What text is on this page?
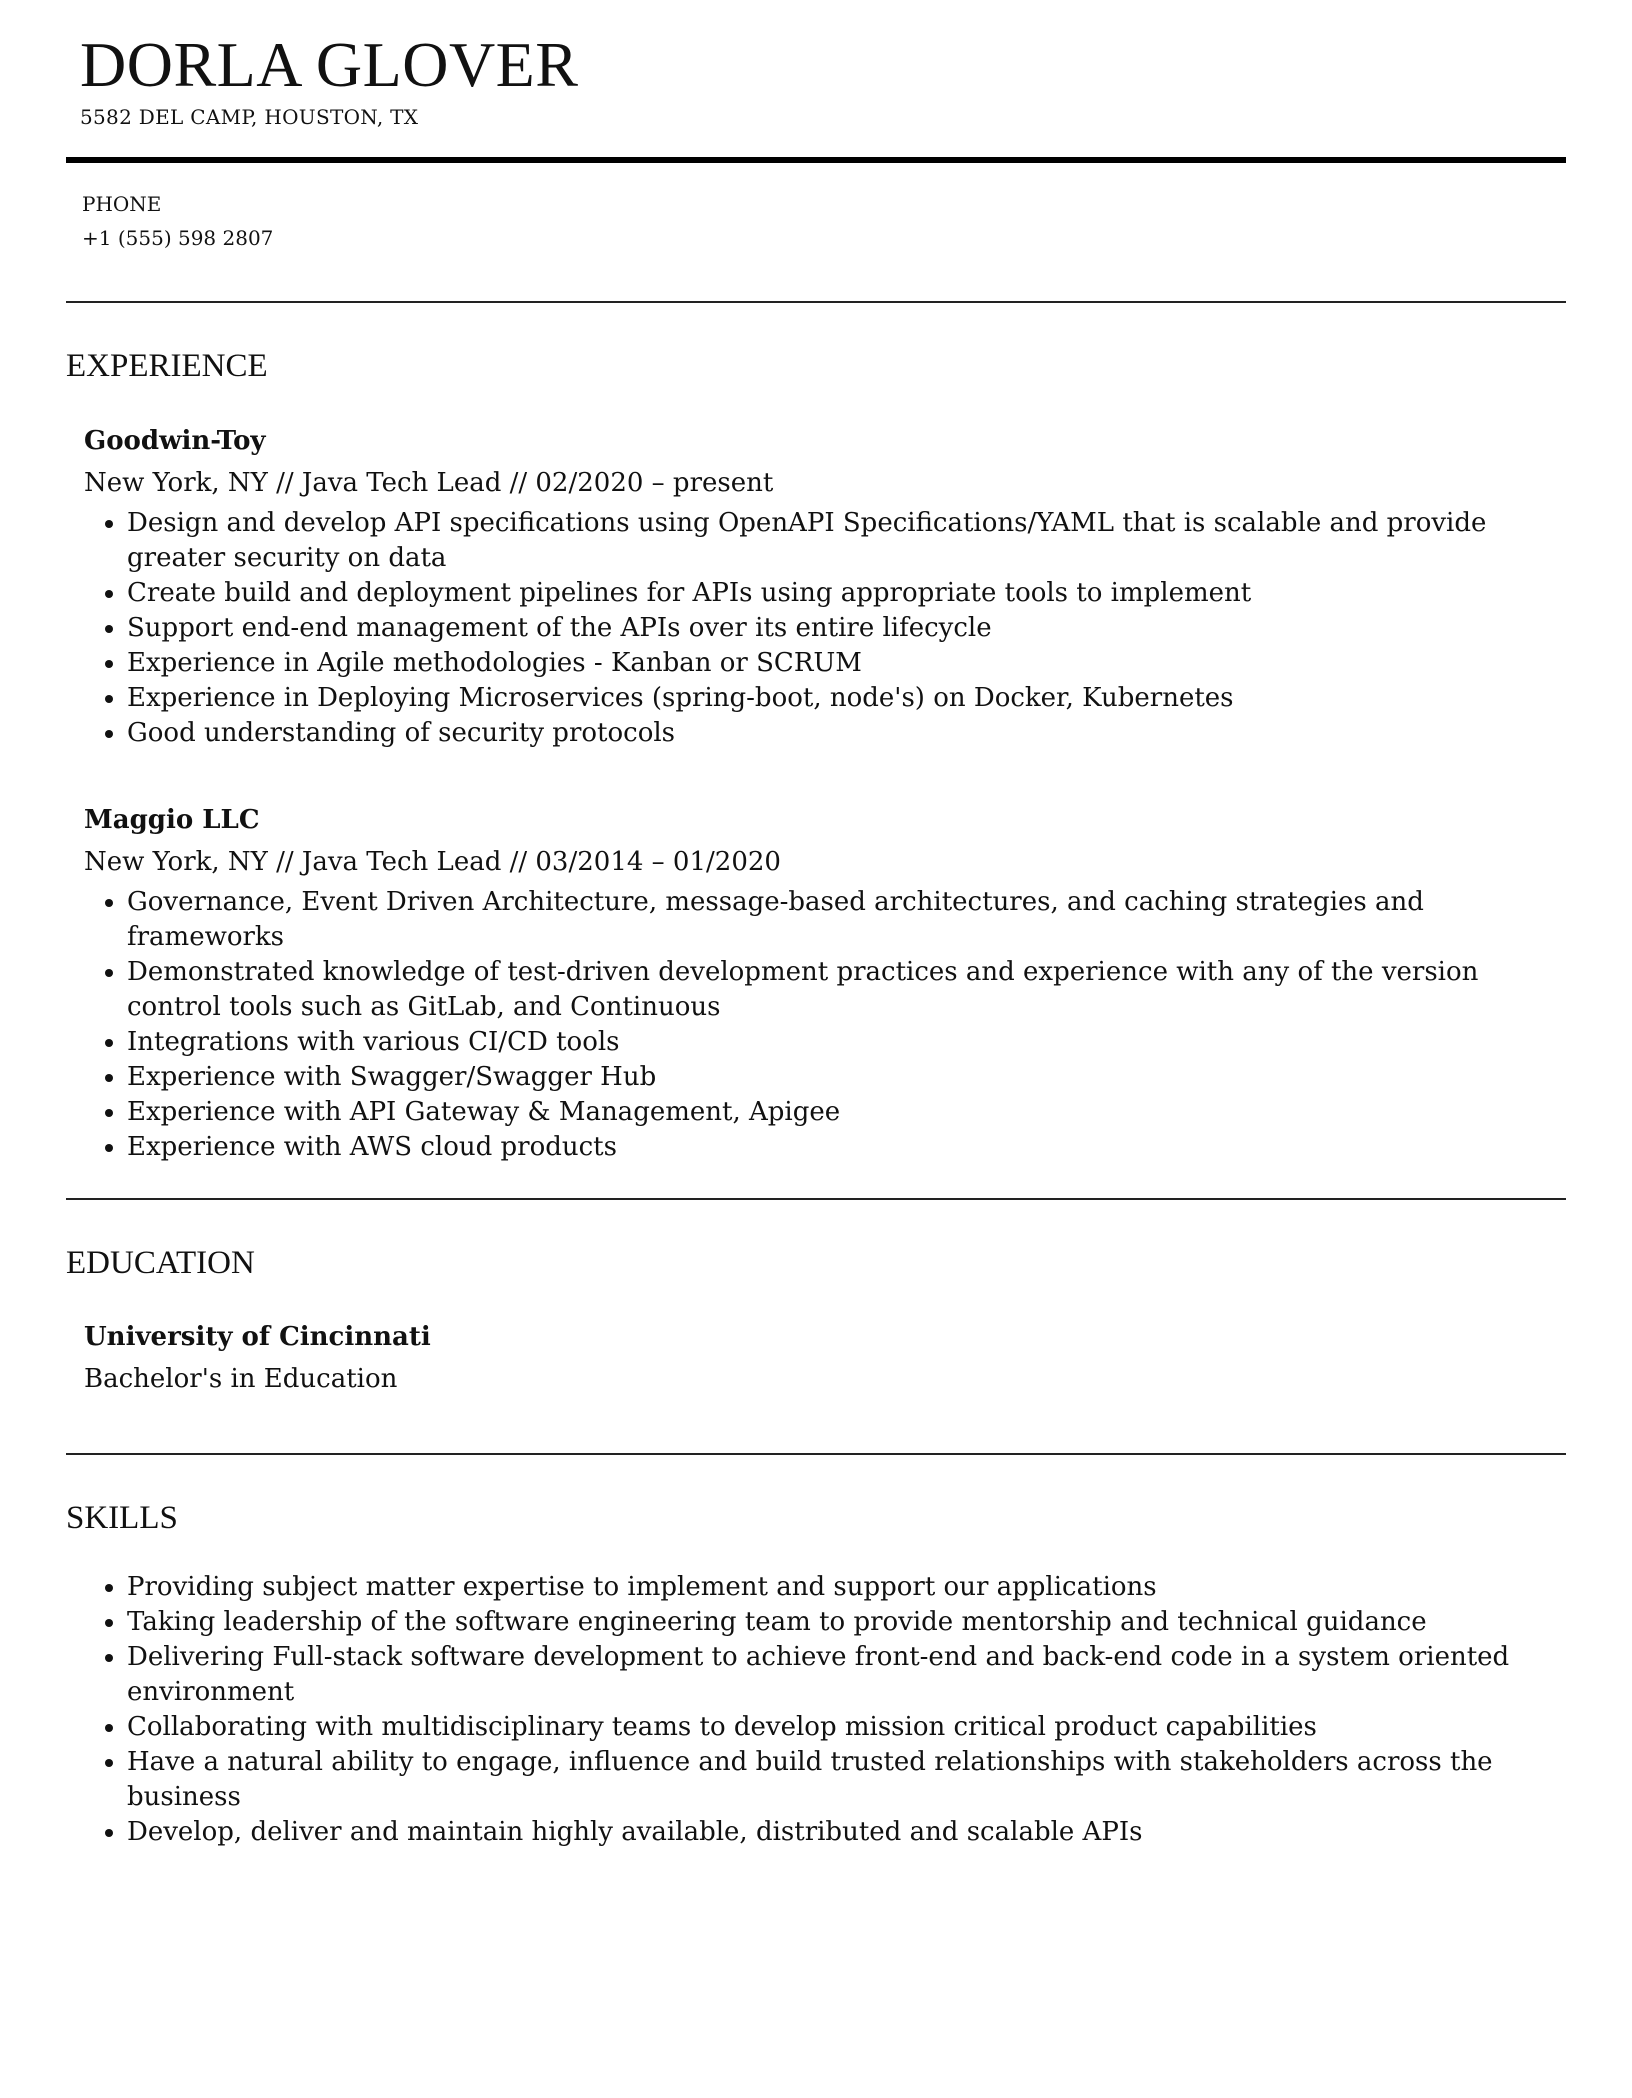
DORLA GLOVER
5582 DEL CAMP, HOUSTON, TX
PHONE
+1 (555) 598 2807
EXPERIENCE
Goodwin-Toy
New York, NY // Java Tech Lead // 02/2020 – present
• Design and develop API specifications using OpenAPI Specifications/YAML that is scalable and provide greater security on data
• Create build and deployment pipelines for APIs using appropriate tools to implement
• Support end-end management of the APIs over its entire lifecycle
• Experience in Agile methodologies - Kanban or SCRUM
• Experience in Deploying Microservices (spring-boot, node's) on Docker, Kubernetes
• Good understanding of security protocols
Maggio LLC
New York, NY // Java Tech Lead // 03/2014 – 01/2020
• Governance, Event Driven Architecture, message-based architectures, and caching strategies and frameworks
• Demonstrated knowledge of test-driven development practices and experience with any of the version control tools such as GitLab, and Continuous
• Integrations with various CI/CD tools
• Experience with Swagger/Swagger Hub
• Experience with API Gateway & Management, Apigee
• Experience with AWS cloud products
EDUCATION
University of Cincinnati
Bachelor's in Education
SKILLS
• Providing subject matter expertise to implement and support our applications
• Taking leadership of the software engineering team to provide mentorship and technical guidance
• Delivering Full-stack software development to achieve front-end and back-end code in a system oriented environment
• Collaborating with multidisciplinary teams to develop mission critical product capabilities
• Have a natural ability to engage, influence and build trusted relationships with stakeholders across the business
• Develop, deliver and maintain highly available, distributed and scalable APIs
